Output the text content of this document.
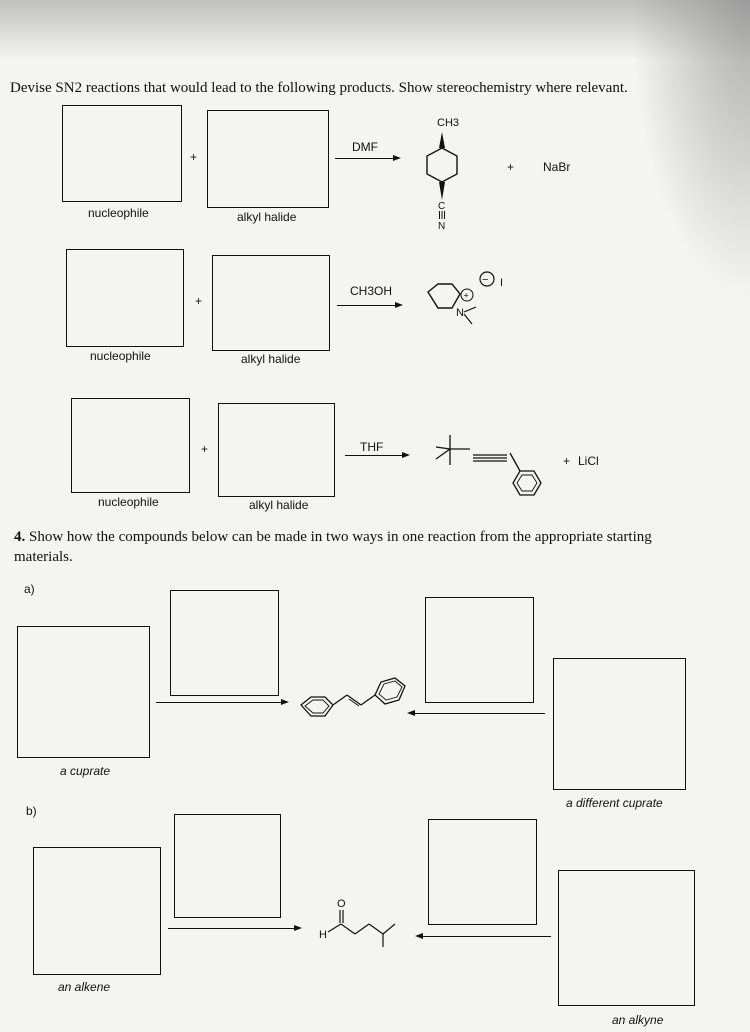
Devise SN2 reactions that would lead to the following products. Show stereochemistry where relevant.
nucleophile
+
alkyl halide
DMF
CH3
C
N
+ NaBr
nucleophile
+
alkyl halide
CH3OH	+
N
− I
nucleophile
+
alkyl halide
THF
+ LiCl
4. Show how the compounds below can be made in two ways in one reaction from the appropriate starting materials.
a)
a cuprate
a different cuprate
b)
an alkene
O
H
an alkyne
